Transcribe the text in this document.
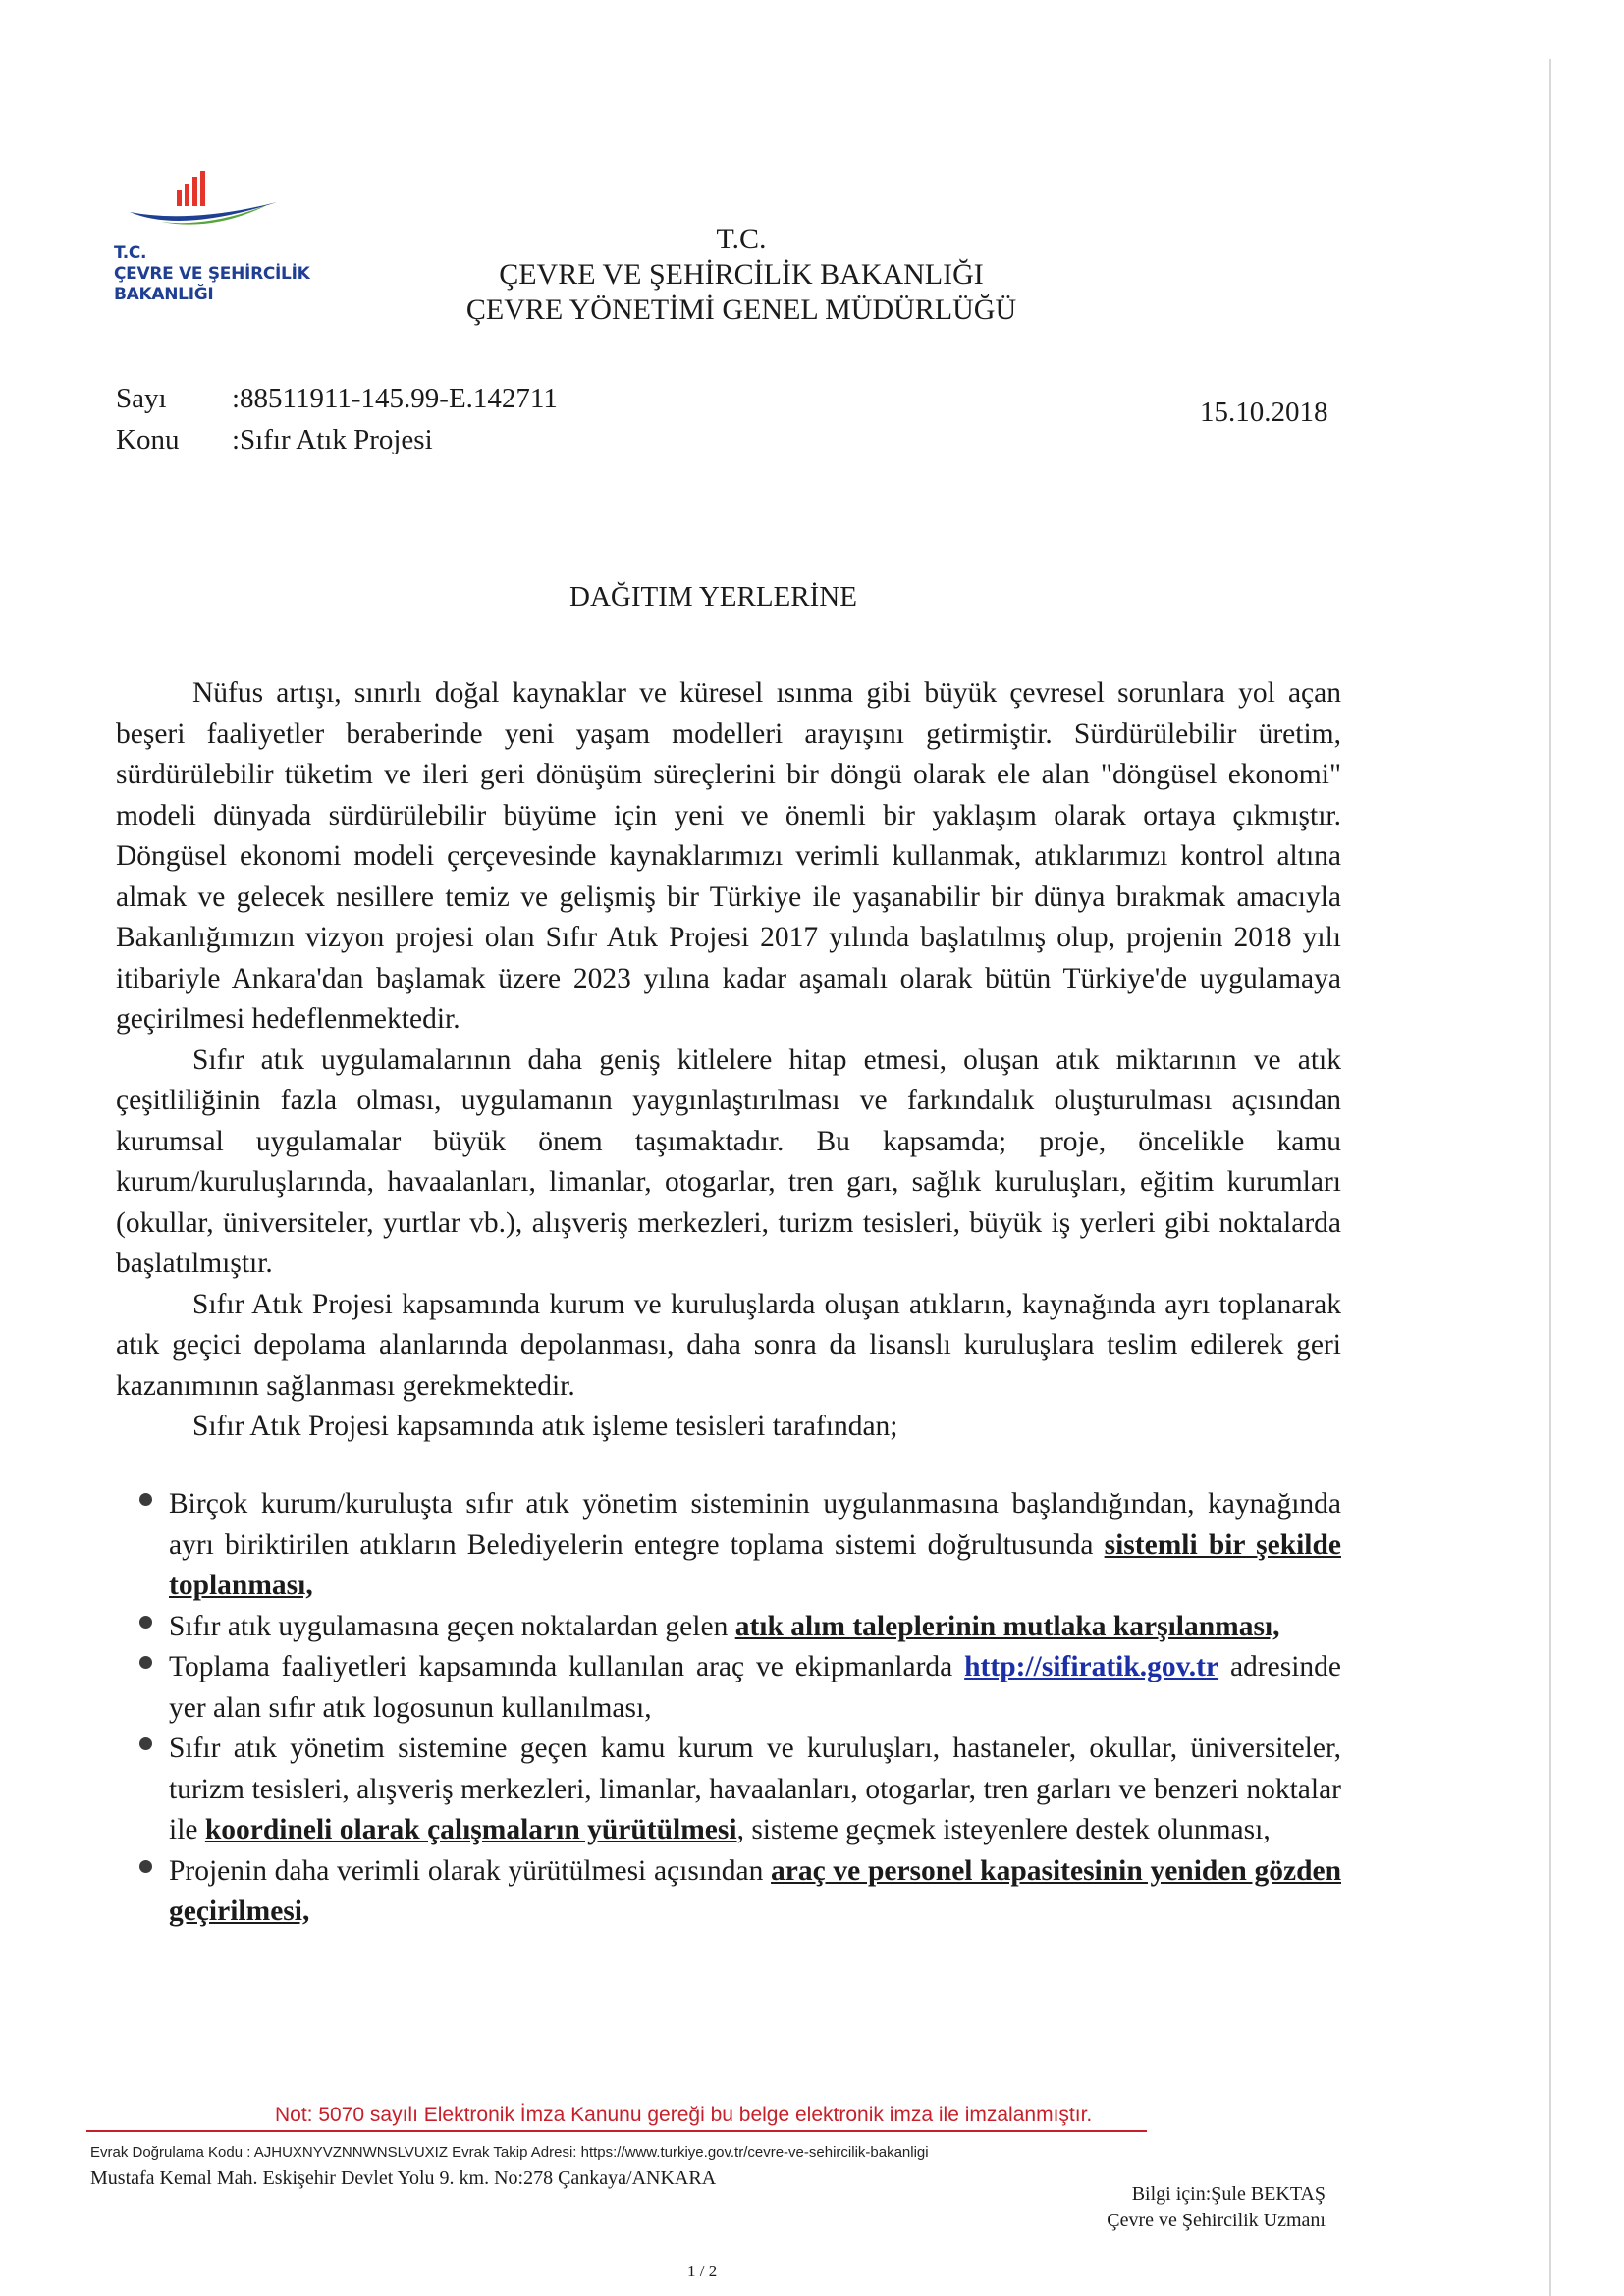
T.C.
ÇEVRE VE ŞEHİRCİLİK
BAKANLIĞI
T.C.
ÇEVRE VE ŞEHİRCİLİK BAKANLIĞI
ÇEVRE YÖNETİMİ GENEL MÜDÜRLÜĞÜ
Sayı :88511911-145.99-E.142711
Konu :Sıfır Atık Projesi
15.10.2018
DAĞITIM YERLERİNE

Nüfus artışı, sınırlı doğal kaynaklar ve küresel ısınma gibi büyük çevresel sorunlara yol açan beşeri faaliyetler beraberinde yeni yaşam modelleri arayışını getirmiştir. Sürdürülebilir üretim, sürdürülebilir tüketim ve ileri geri dönüşüm süreçlerini bir döngü olarak ele alan "döngüsel ekonomi" modeli dünyada sürdürülebilir büyüme için yeni ve önemli bir yaklaşım olarak ortaya çıkmıştır. Döngüsel ekonomi modeli çerçevesinde kaynaklarımızı verimli kullanmak, atıklarımızı kontrol altına almak ve gelecek nesillere temiz ve gelişmiş bir Türkiye ile yaşanabilir bir dünya bırakmak amacıyla Bakanlığımızın vizyon projesi olan Sıfır Atık Projesi 2017 yılında başlatılmış olup, projenin 2018 yılı itibariyle Ankara'dan başlamak üzere 2023 yılına kadar aşamalı olarak bütün Türkiye'de uygulamaya geçirilmesi hedeflenmektedir.

Sıfır atık uygulamalarının daha geniş kitlelere hitap etmesi, oluşan atık miktarının ve atık çeşitliliğinin fazla olması, uygulamanın yaygınlaştırılması ve farkındalık oluşturulması açısından kurumsal uygulamalar büyük önem taşımaktadır. Bu kapsamda; proje, öncelikle kamu kurum/kuruluşlarında, havaalanları, limanlar, otogarlar, tren garı, sağlık kuruluşları, eğitim kurumları (okullar, üniversiteler, yurtlar vb.), alışveriş merkezleri, turizm tesisleri, büyük iş yerleri gibi noktalarda başlatılmıştır.

Sıfır Atık Projesi kapsamında kurum ve kuruluşlarda oluşan atıkların, kaynağında ayrı toplanarak atık geçici depolama alanlarında depolanması, daha sonra da lisanslı kuruluşlara teslim edilerek geri kazanımının sağlanması gerekmektedir.

Sıfır Atık Projesi kapsamında atık işleme tesisleri tarafından;

Birçok kurum/kuruluşta sıfır atık yönetim sisteminin uygulanmasına başlandığından, kaynağında ayrı biriktirilen atıkların Belediyelerin entegre toplama sistemi doğrultusunda sistemli bir şekilde toplanması,
Sıfır atık uygulamasına geçen noktalardan gelen atık alım taleplerinin mutlaka karşılanması,
Toplama faaliyetleri kapsamında kullanılan araç ve ekipmanlarda http://sifiratik.gov.tr adresinde yer alan sıfır atık logosunun kullanılması,
Sıfır atık yönetim sistemine geçen kamu kurum ve kuruluşları, hastaneler, okullar, üniversiteler, turizm tesisleri, alışveriş merkezleri, limanlar, havaalanları, otogarlar, tren garları ve benzeri noktalar ile koordineli olarak çalışmaların yürütülmesi, sisteme geçmek isteyenlere destek olunması,
Projenin daha verimli olarak yürütülmesi açısından araç ve personel kapasitesinin yeniden gözden geçirilmesi,
Not: 5070 sayılı Elektronik İmza Kanunu gereği bu belge elektronik imza ile imzalanmıştır.
Evrak Doğrulama Kodu : AJHUXNYVZNNWNSLVUXIZ Evrak Takip Adresi: https://www.turkiye.gov.tr/cevre-ve-sehircilik-bakanligi
Mustafa Kemal Mah. Eskişehir Devlet Yolu 9. km. No:278 Çankaya/ANKARA
Bilgi için:Şule BEKTAŞ
Çevre ve Şehircilik Uzmanı
1 / 2
